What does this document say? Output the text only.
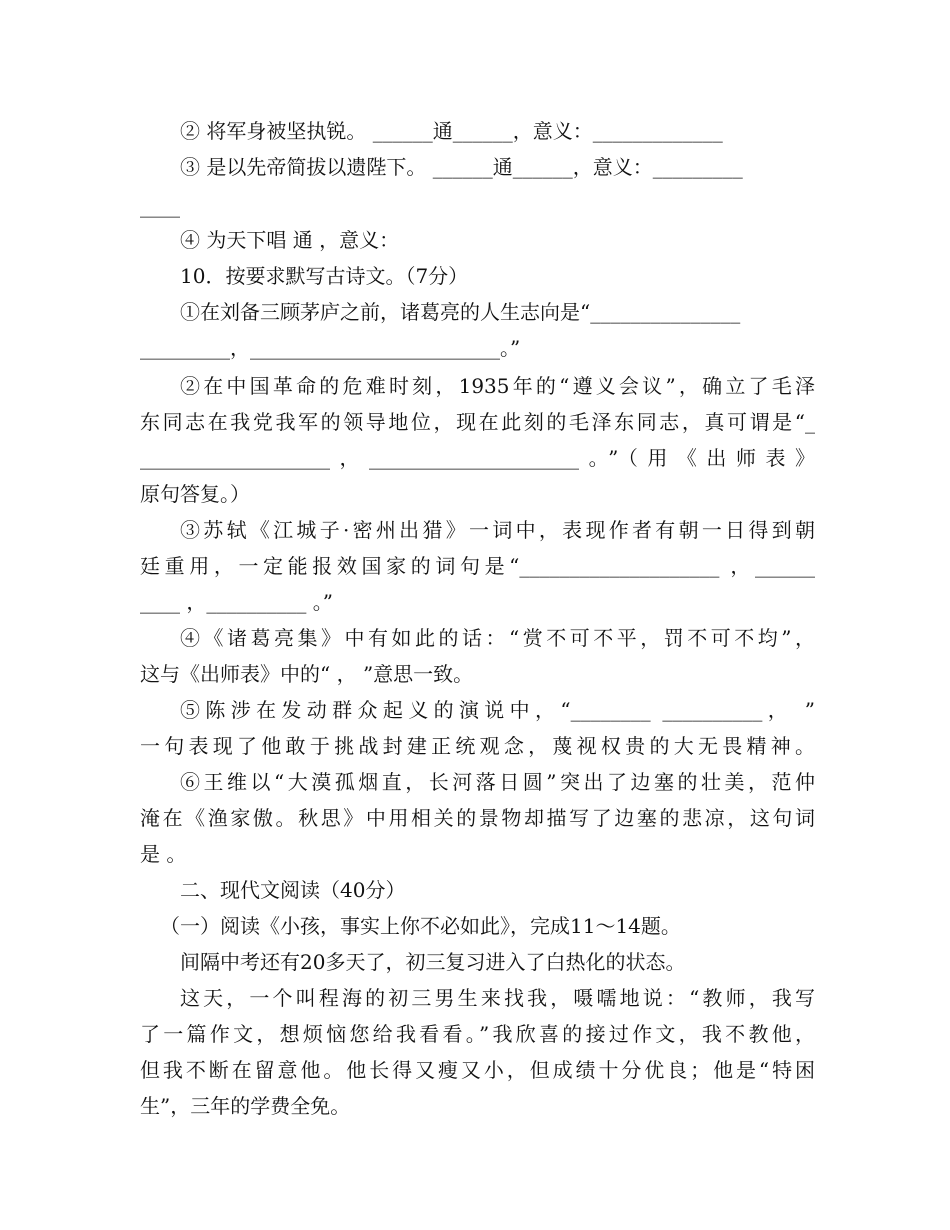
② 将军身被坚执锐。 ______通______，意义：_____________
③ 是以先帝简拔以遗陛下。 ______通______，意义：_________
____
④ 为天下唱 通 ，意义：
10．按要求默写古诗文。（7分）
①在刘备三顾茅庐之前，诸葛亮的人生志向是“_______________
_________，_________________________。”
②在中国革命的危难时刻，1935年的“遵义会议”，确立了毛泽
东同志在我党我军的领导地位，现在此刻的毛泽东同志，真可谓是“_
___________________，_____________________。”（用《出师表》
原句答复。）
③苏轼《江城子·密州出猎》一词中，表现作者有朝一日得到朝
廷重用，一定能报效国家的词句是“____________________ ，______
____ ，__________ 。”
④《诸葛亮集》中有如此的话：“赏不可不平，罚不可不均”，
这与《出师表》中的“ ， ”意思一致。
⑤陈涉在发动群众起义的演说中，“________ __________， ”
一句表现了他敢于挑战封建正统观念，蔑视权贵的大无畏精神。
⑥王维以“大漠孤烟直，长河落日圆”突出了边塞的壮美，范仲
淹在《渔家傲。秋思》中用相关的景物却描写了边塞的悲凉，这句词
是 。
二、现代文阅读（40分）
（一）阅读《小孩，事实上你不必如此》，完成11～14题。
间隔中考还有20多天了，初三复习进入了白热化的状态。
这天，一个叫程海的初三男生来找我，嗫嚅地说：“教师，我写
了一篇作文，想烦恼您给我看看。”我欣喜的接过作文，我不教他，
但我不断在留意他。他长得又瘦又小，但成绩十分优良；他是“特困
生”，三年的学费全免。
